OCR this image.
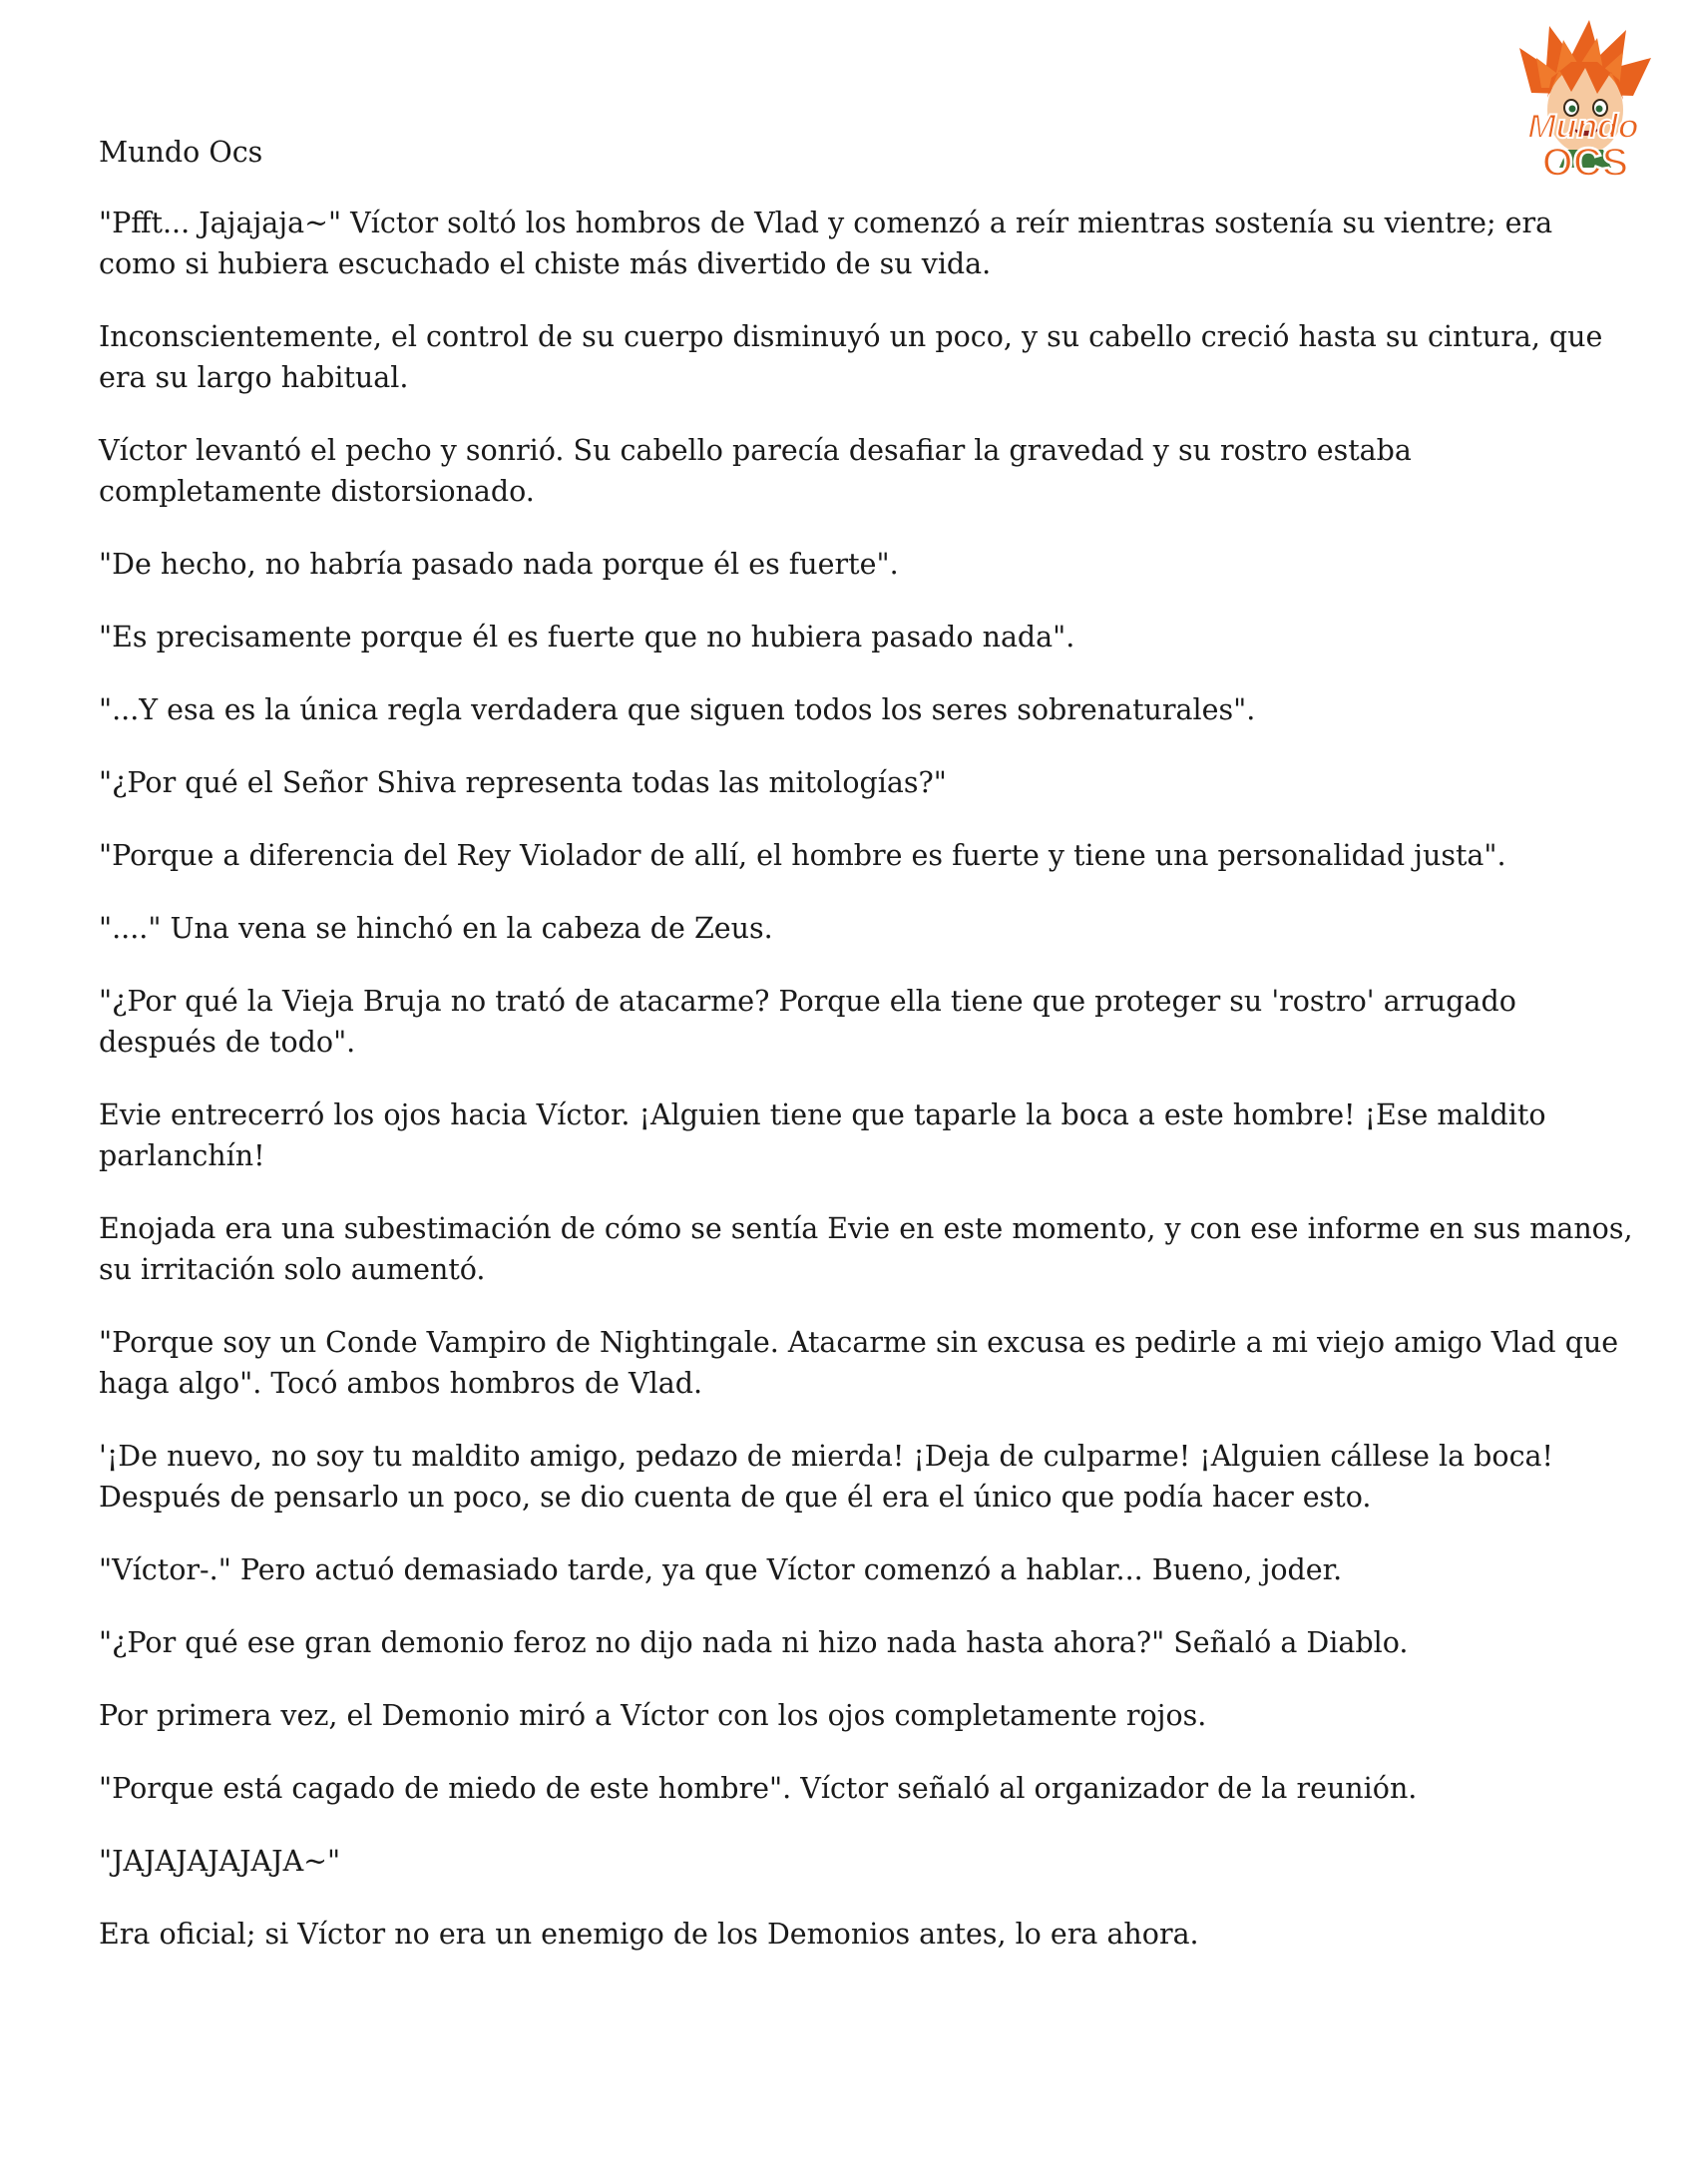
Mundo
OCS

Mundo Ocs

"Pfft... Jajajaja~" Víctor soltó los hombros de Vlad y comenzó a reír mientras sostenía su vientre; era como si hubiera escuchado el chiste más divertido de su vida.

Inconscientemente, el control de su cuerpo disminuyó un poco, y su cabello creció hasta su cintura, que era su largo habitual.

Víctor levantó el pecho y sonrió. Su cabello parecía desafiar la gravedad y su rostro estaba completamente distorsionado.

"De hecho, no habría pasado nada porque él es fuerte".

"Es precisamente porque él es fuerte que no hubiera pasado nada".

"...Y esa es la única regla verdadera que siguen todos los seres sobrenaturales".

"¿Por qué el Señor Shiva representa todas las mitologías?"

"Porque a diferencia del Rey Violador de allí, el hombre es fuerte y tiene una personalidad justa".

"...." Una vena se hinchó en la cabeza de Zeus.

"¿Por qué la Vieja Bruja no trató de atacarme? Porque ella tiene que proteger su 'rostro' arrugado después de todo".

Evie entrecerró los ojos hacia Víctor. ¡Alguien tiene que taparle la boca a este hombre! ¡Ese maldito parlanchín!

Enojada era una subestimación de cómo se sentía Evie en este momento, y con ese informe en sus manos, su irritación solo aumentó.

"Porque soy un Conde Vampiro de Nightingale. Atacarme sin excusa es pedirle a mi viejo amigo Vlad que haga algo". Tocó ambos hombros de Vlad.

'¡De nuevo, no soy tu maldito amigo, pedazo de mierda! ¡Deja de culparme! ¡Alguien cállese la boca! Después de pensarlo un poco, se dio cuenta de que él era el único que podía hacer esto.

"Víctor-." Pero actuó demasiado tarde, ya que Víctor comenzó a hablar... Bueno, joder.

"¿Por qué ese gran demonio feroz no dijo nada ni hizo nada hasta ahora?" Señaló a Diablo.

Por primera vez, el Demonio miró a Víctor con los ojos completamente rojos.

"Porque está cagado de miedo de este hombre". Víctor señaló al organizador de la reunión.

"JAJAJAJAJAJA~"

Era oficial; si Víctor no era un enemigo de los Demonios antes, lo era ahora.
